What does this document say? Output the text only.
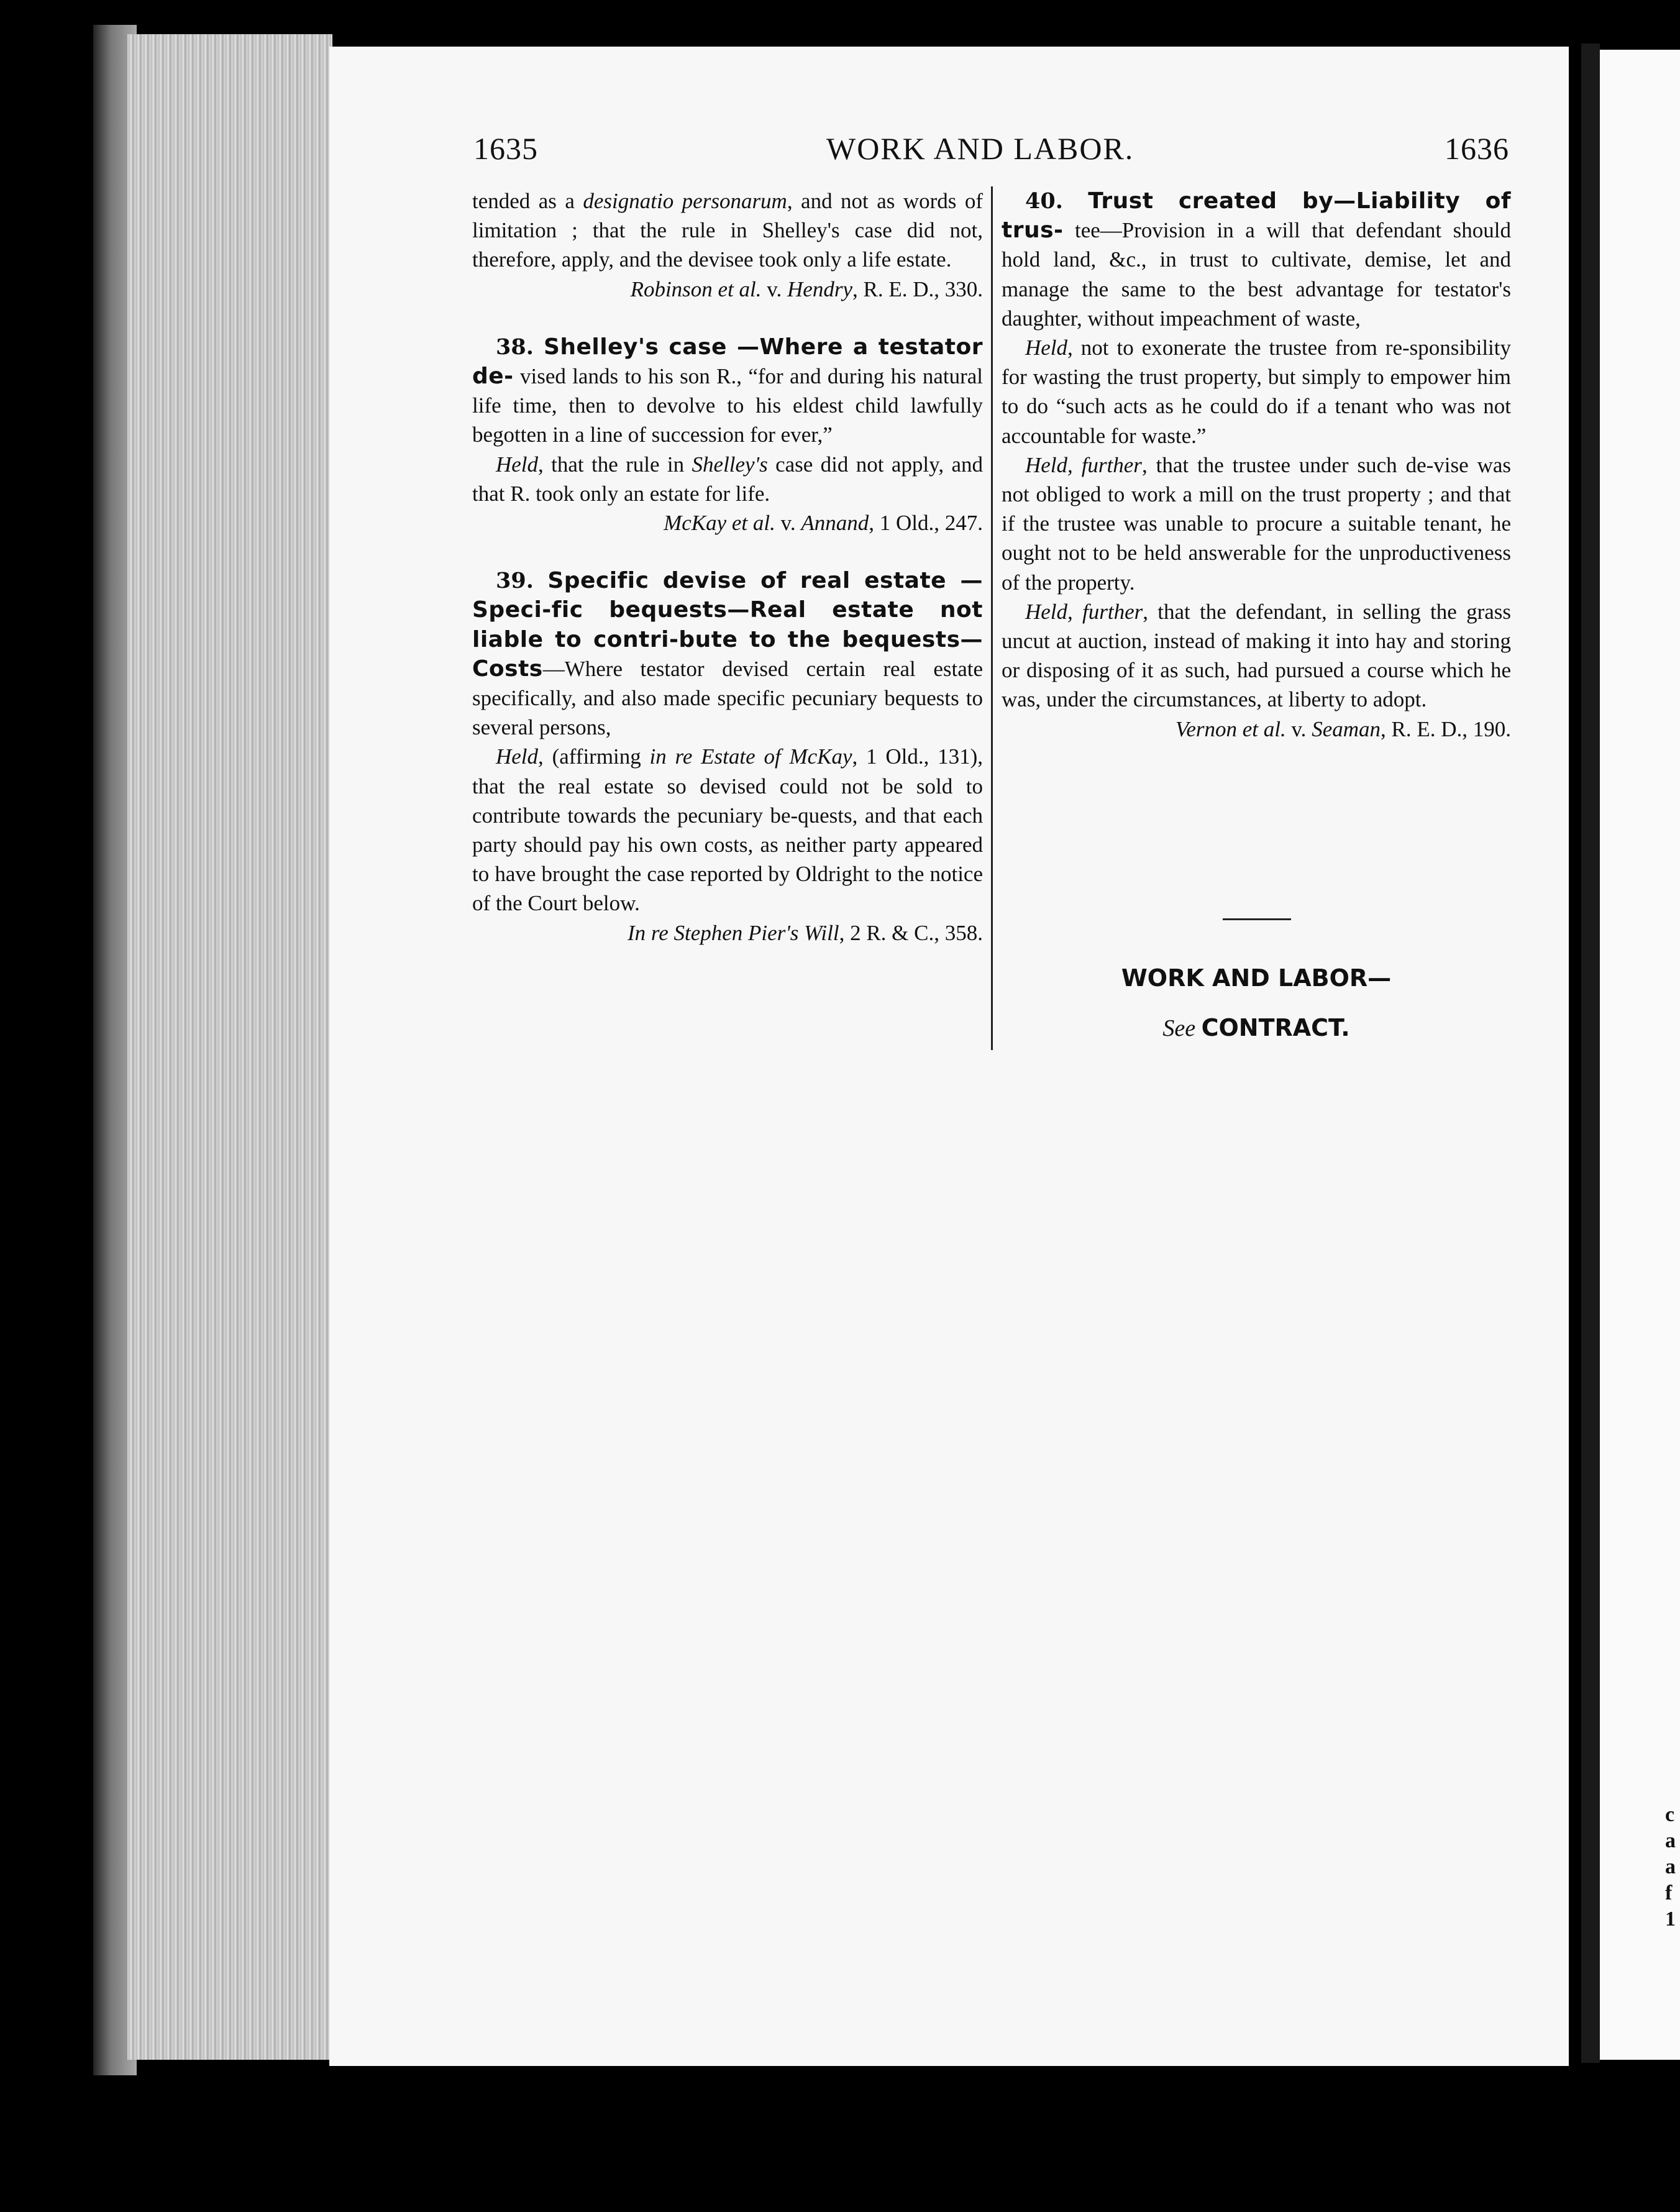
c
a
a
f
1
1635	WORK AND LABOR.	1636

tended as a designatio personarum, and not as words of limitation ; that the rule in Shelley's case did not, therefore, apply, and the devisee took only a life estate.

Robinson et al. v. Hendry, R. E. D., 330.

38. Shelley's case —Where a testator de- vised lands to his son R., “for and during his natural life time, then to devolve to his eldest child lawfully begotten in a line of succession for ever,”

Held, that the rule in Shelley's case did not apply, and that R. took only an estate for life.

McKay et al. v. Annand, 1 Old., 247.

39. Specific devise of real estate —Speci-fic bequests—Real estate not liable to contri-bute to the bequests—Costs—Where testator devised certain real estate specifically, and also made specific pecuniary bequests to several persons,

Held, (affirming in re Estate of McKay, 1 Old., 131), that the real estate so devised could not be sold to contribute towards the pecuniary be-quests, and that each party should pay his own costs, as neither party appeared to have brought the case reported by Oldright to the notice of the Court below.

In re Stephen Pier's Will, 2 R. & C., 358.

40. Trust created by—Liability of trus- tee—Provision in a will that defendant should hold land, &c., in trust to cultivate, demise, let and manage the same to the best advantage for testator's daughter, without impeachment of waste,

Held, not to exonerate the trustee from re-sponsibility for wasting the trust property, but simply to empower him to do “such acts as he could do if a tenant who was not accountable for waste.”

Held, further, that the trustee under such de-vise was not obliged to work a mill on the trust property ; and that if the trustee was unable to procure a suitable tenant, he ought not to be held answerable for the unproductiveness of the property.

Held, further, that the defendant, in selling the grass uncut at auction, instead of making it into hay and storing or disposing of it as such, had pursued a course which he was, under the circumstances, at liberty to adopt.

Vernon et al. v. Seaman, R. E. D., 190.

WORK AND LABOR—
See CONTRACT.
